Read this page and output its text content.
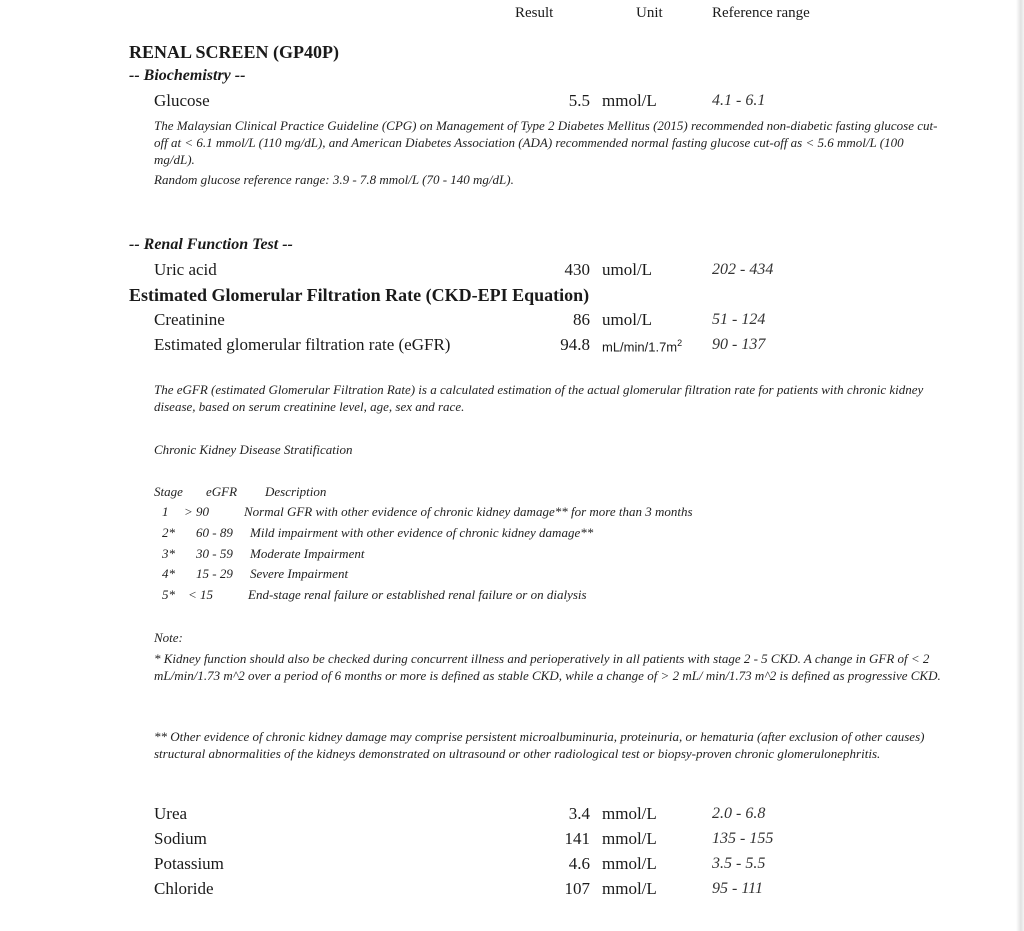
Result	Unit	Reference range
RENAL SCREEN (GP40P)
-- Biochemistry --
Glucose	5.5 mmol/L	4.1 - 6.1
The Malaysian Clinical Practice Guideline (CPG) on Management of Type 2 Diabetes Mellitus (2015) recommended non-diabetic fasting glucose cut-off at < 6.1 mmol/L (110 mg/dL), and American Diabetes Association (ADA) recommended normal fasting glucose cut-off as < 5.6 mmol/L (100 mg/dL).
Random glucose reference range: 3.9 - 7.8 mmol/L (70 - 140 mg/dL).
-- Renal Function Test --
Uric acid	430 umol/L	202 - 434
Estimated Glomerular Filtration Rate (CKD-EPI Equation)
Creatinine	86 umol/L	51 - 124
Estimated glomerular filtration rate (eGFR)	94.8 $mL/\min/1.7m^2$ 90 - 137
The eGFR (estimated Glomerular Filtration Rate) is a calculated estimation of the actual glomerular filtration rate for patients with chronic kidney disease, based on serum creatinine level, age, sex and race.
Chronic Kidney Disease Stratification
Stage eGFR Description
1 > 90	Normal GFR with other evidence of chronic kidney damage** for more than 3 months
2* 60 - 89 Mild impairment with other evidence of chronic kidney damage**
3* 30 - 59 Moderate Impairment
4* 15 - 29 Severe Impairment
5* < 15	End-stage renal failure or established renal failure or on dialysis
Note:
* Kidney function should also be checked during concurrent illness and perioperatively in all patients with stage 2 - 5 CKD. A change in GFR of < 2 mL/min/1.73 m^2 over a period of 6 months or more is defined as stable CKD, while a change of > 2 mL/ min/1.73 m^2 is defined as progressive CKD.
** Other evidence of chronic kidney damage may comprise persistent microalbuminuria, proteinuria, or hematuria (after exclusion of other causes) structural abnormalities of the kidneys demonstrated on ultrasound or other radiological test or biopsy-proven chronic glomerulonephritis.
Urea	3.4 mmol/L	2.0 - 6.8
Sodium	141 mmol/L	135 - 155
Potassium	4.6 mmol/L	3.5 - 5.5
Chloride	107 mmol/L	95 - 111
